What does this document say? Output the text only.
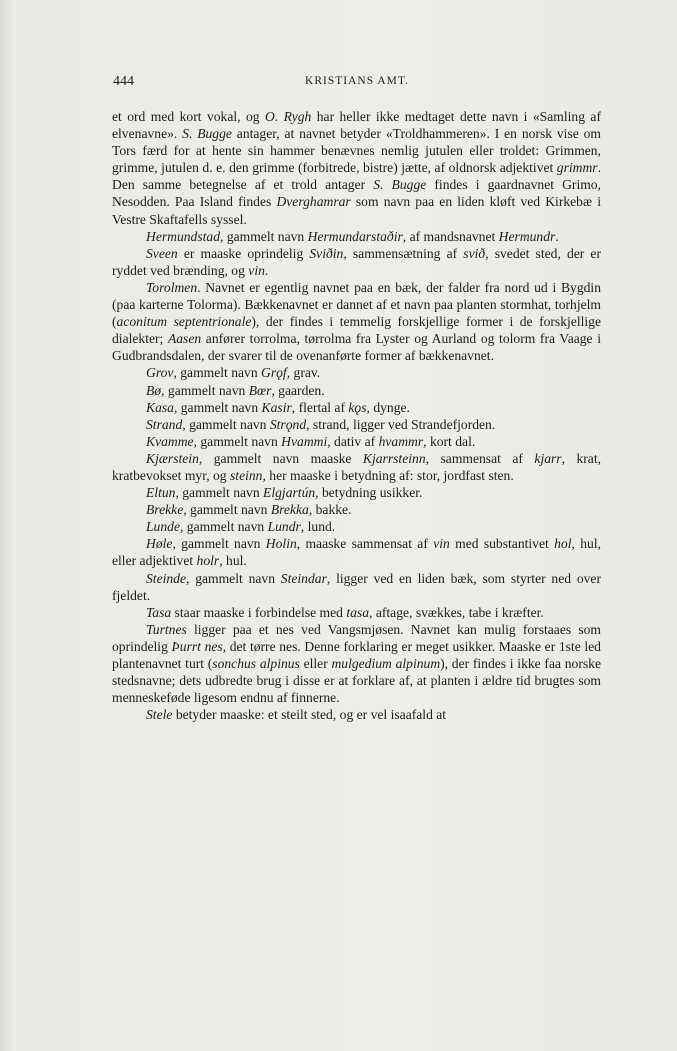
444	KRISTIANS AMT.

et ord med kort vokal, og O. Rygh har heller ikke medtaget dette navn i «Samling af elvenavne». S. Bugge antager, at navnet betyder «Troldhammeren». I en norsk vise om Tors færd for at hente sin hammer benævnes nemlig jutulen eller troldet: Grimmen, grimme, jutulen d. e. den grimme (forbitrede, bistre) jætte, af oldnorsk adjektivet grimmr. Den samme betegnelse af et trold antager S. Bugge findes i gaardnavnet Grimo, Nesodden. Paa Island findes Dverghamrar som navn paa en liden kløft ved Kirkebæ i Vestre Skaftafells syssel.

Hermundstad, gammelt navn Hermundarstaðir, af mandsnavnet Hermundr.

Sveen er maaske oprindelig Sviðin, sammensætning af svið, svedet sted, der er ryddet ved brænding, og vin.

Torolmen. Navnet er egentlig navnet paa en bæk, der falder fra nord ud i Bygdin (paa karterne Tolorma). Bækkenavnet er dannet af et navn paa planten stormhat, torhjelm (aconitum septentrionale), der findes i temmelig forskjellige former i de forskjellige dialekter; Aasen anfører torrolma, tørrolma fra Lyster og Aurland og tolorm fra Vaage i Gudbrandsdalen, der svarer til de ovenanførte former af bækkenavnet.

Grov, gammelt navn Grǫf, grav.

Bø, gammelt navn Bœr, gaarden.

Kasa, gammelt navn Kasir, flertal af kǫs, dynge.

Strand, gammelt navn Strǫnd, strand, ligger ved Strandefjorden.

Kvamme, gammelt navn Hvammi, dativ af hvammr, kort dal.

Kjærstein, gammelt navn maaske Kjarrsteinn, sammensat af kjarr, krat, kratbevokset myr, og steinn, her maaske i betydning af: stor, jordfast sten.

Eltun, gammelt navn Elgjartún, betydning usikker.

Brekke, gammelt navn Brekka, bakke.

Lunde, gammelt navn Lundr, lund.

Høle, gammelt navn Holin, maaske sammensat af vin med substantivet hol, hul, eller adjektivet holr, hul.

Steinde, gammelt navn Steindar, ligger ved en liden bæk, som styrter ned over fjeldet.

Tasa staar maaske i forbindelse med tasa, aftage, svækkes, tabe i kræfter.

Turtnes ligger paa et nes ved Vangsmjøsen. Navnet kan mulig forstaaes som oprindelig Þurrt nes, det tørre nes. Denne forklaring er meget usikker. Maaske er 1ste led plantenavnet turt (sonchus alpinus eller mulgedium alpinum), der findes i ikke faa norske stedsnavne; dets udbredte brug i disse er at forklare af, at planten i ældre tid brugtes som menneskeføde ligesom endnu af finnerne.

Stele betyder maaske: et steilt sted, og er vel isaafald at
